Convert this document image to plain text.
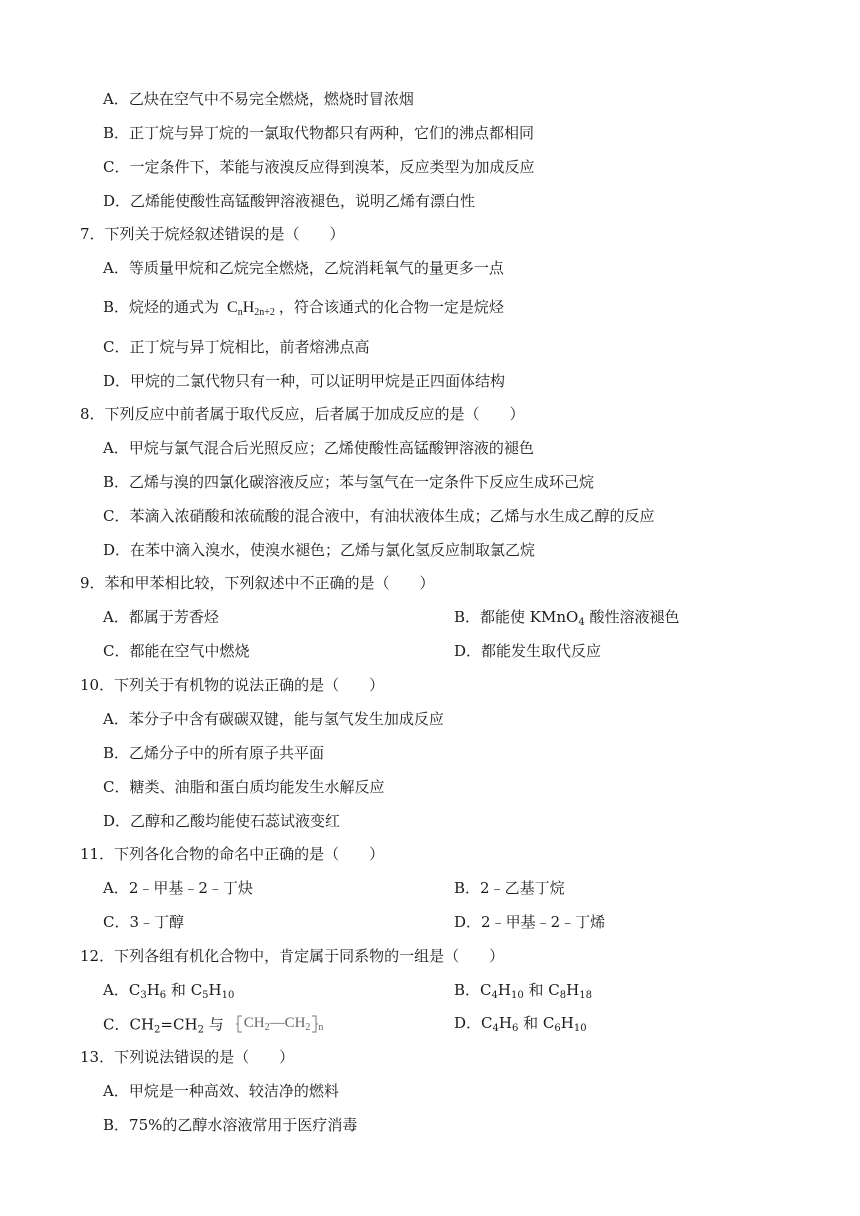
A．乙炔在空气中不易完全燃烧，燃烧时冒浓烟
B．正丁烷与异丁烷的一氯取代物都只有两种，它们的沸点都相同
C．一定条件下，苯能与液溴反应得到溴苯，反应类型为加成反应
D．乙烯能使酸性高锰酸钾溶液褪色，说明乙烯有漂白性
7．下列关于烷烃叙述错误的是（　　）
A．等质量甲烷和乙烷完全燃烧，乙烷消耗氧气的量更多一点
B．烷烃的通式为 $C_nH_{2n+2}$ ，符合该通式的化合物一定是烷烃
C．正丁烷与异丁烷相比，前者熔沸点高
D．甲烷的二氯代物只有一种，可以证明甲烷是正四面体结构
8．下列反应中前者属于取代反应，后者属于加成反应的是（　　）
A．甲烷与氯气混合后光照反应；乙烯使酸性高锰酸钾溶液的褪色
B．乙烯与溴的四氯化碳溶液反应；苯与氢气在一定条件下反应生成环己烷
C．苯滴入浓硝酸和浓硫酸的混合液中，有油状液体生成；乙烯与水生成乙醇的反应
D．在苯中滴入溴水，使溴水褪色；乙烯与氯化氢反应制取氯乙烷
9．苯和甲苯相比较，下列叙述中不正确的是（　　）
A．都属于芳香烃	B．都能使 KMnO$_4$ 酸性溶液褪色
C．都能在空气中燃烧	D．都能发生取代反应
10．下列关于有机物的说法正确的是（　　）
A．苯分子中含有碳碳双键，能与氢气发生加成反应
B．乙烯分子中的所有原子共平面
C．糖类、油脂和蛋白质均能发生水解反应
D．乙醇和乙酸均能使石蕊试液变红
11．下列各化合物的命名中正确的是（　　）
A．2﹣甲基﹣2﹣丁炔	B．2﹣乙基丁烷
C．3﹣丁醇	D．2﹣甲基﹣2﹣丁烯
12．下列各组有机化合物中，肯定属于同系物的一组是（　　）
A．$C_3H_6$ 和 $C_5H_{10}$	B．$C_4H_{10}$ 和 $C_8H_{18}$
C．$CH_2=CH_2$ 与 $CH_2—CH_2$ $_n$	D．$C_4H_6$ 和 $C_6H_{10}$
13．下列说法错误的是（　　）
A．甲烷是一种高效、较洁净的燃料
B．75%的乙醇水溶液常用于医疗消毒
